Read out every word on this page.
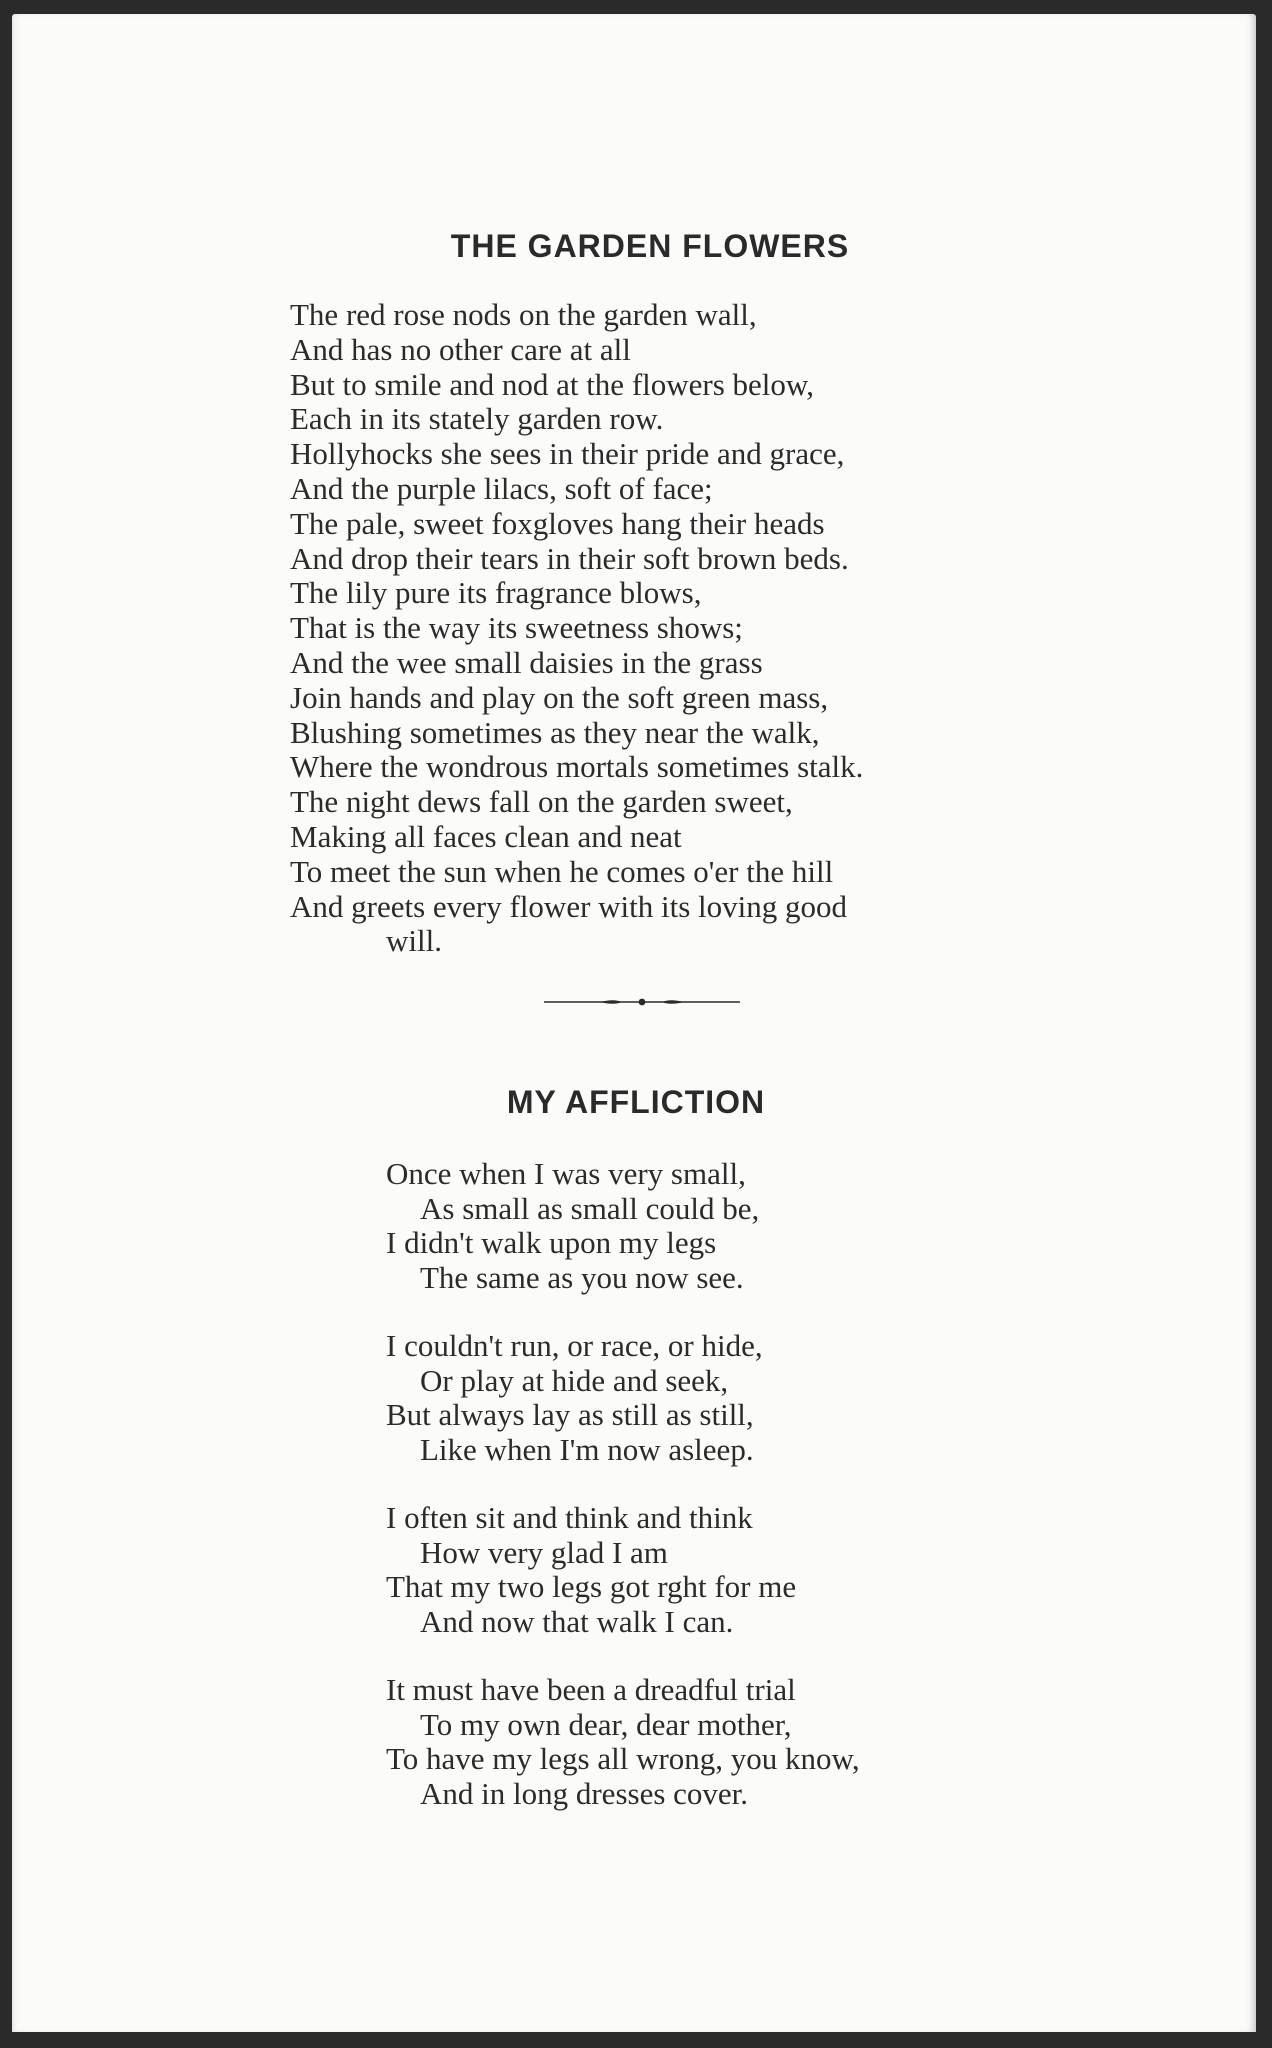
THE GARDEN FLOWERS
The red rose nods on the garden wall,
And has no other care at all
But to smile and nod at the flowers below,
Each in its stately garden row.
Hollyhocks she sees in their pride and grace,
And the purple lilacs, soft of face;
The pale, sweet foxgloves hang their heads
And drop their tears in their soft brown beds.
The lily pure its fragrance blows,
That is the way its sweetness shows;
And the wee small daisies in the grass
Join hands and play on the soft green mass,
Blushing sometimes as they near the walk,
Where the wondrous mortals sometimes stalk.
The night dews fall on the garden sweet,
Making all faces clean and neat
To meet the sun when he comes o'er the hill
And greets every flower with its loving good
will.
MY AFFLICTION
Once when I was very small,
As small as small could be,
I didn't walk upon my legs
The same as you now see.
I couldn't run, or race, or hide,
Or play at hide and seek,
But always lay as still as still,
Like when I'm now asleep.
I often sit and think and think
How very glad I am
That my two legs got rght for me
And now that walk I can.
It must have been a dreadful trial
To my own dear, dear mother,
To have my legs all wrong, you know,
And in long dresses cover.
